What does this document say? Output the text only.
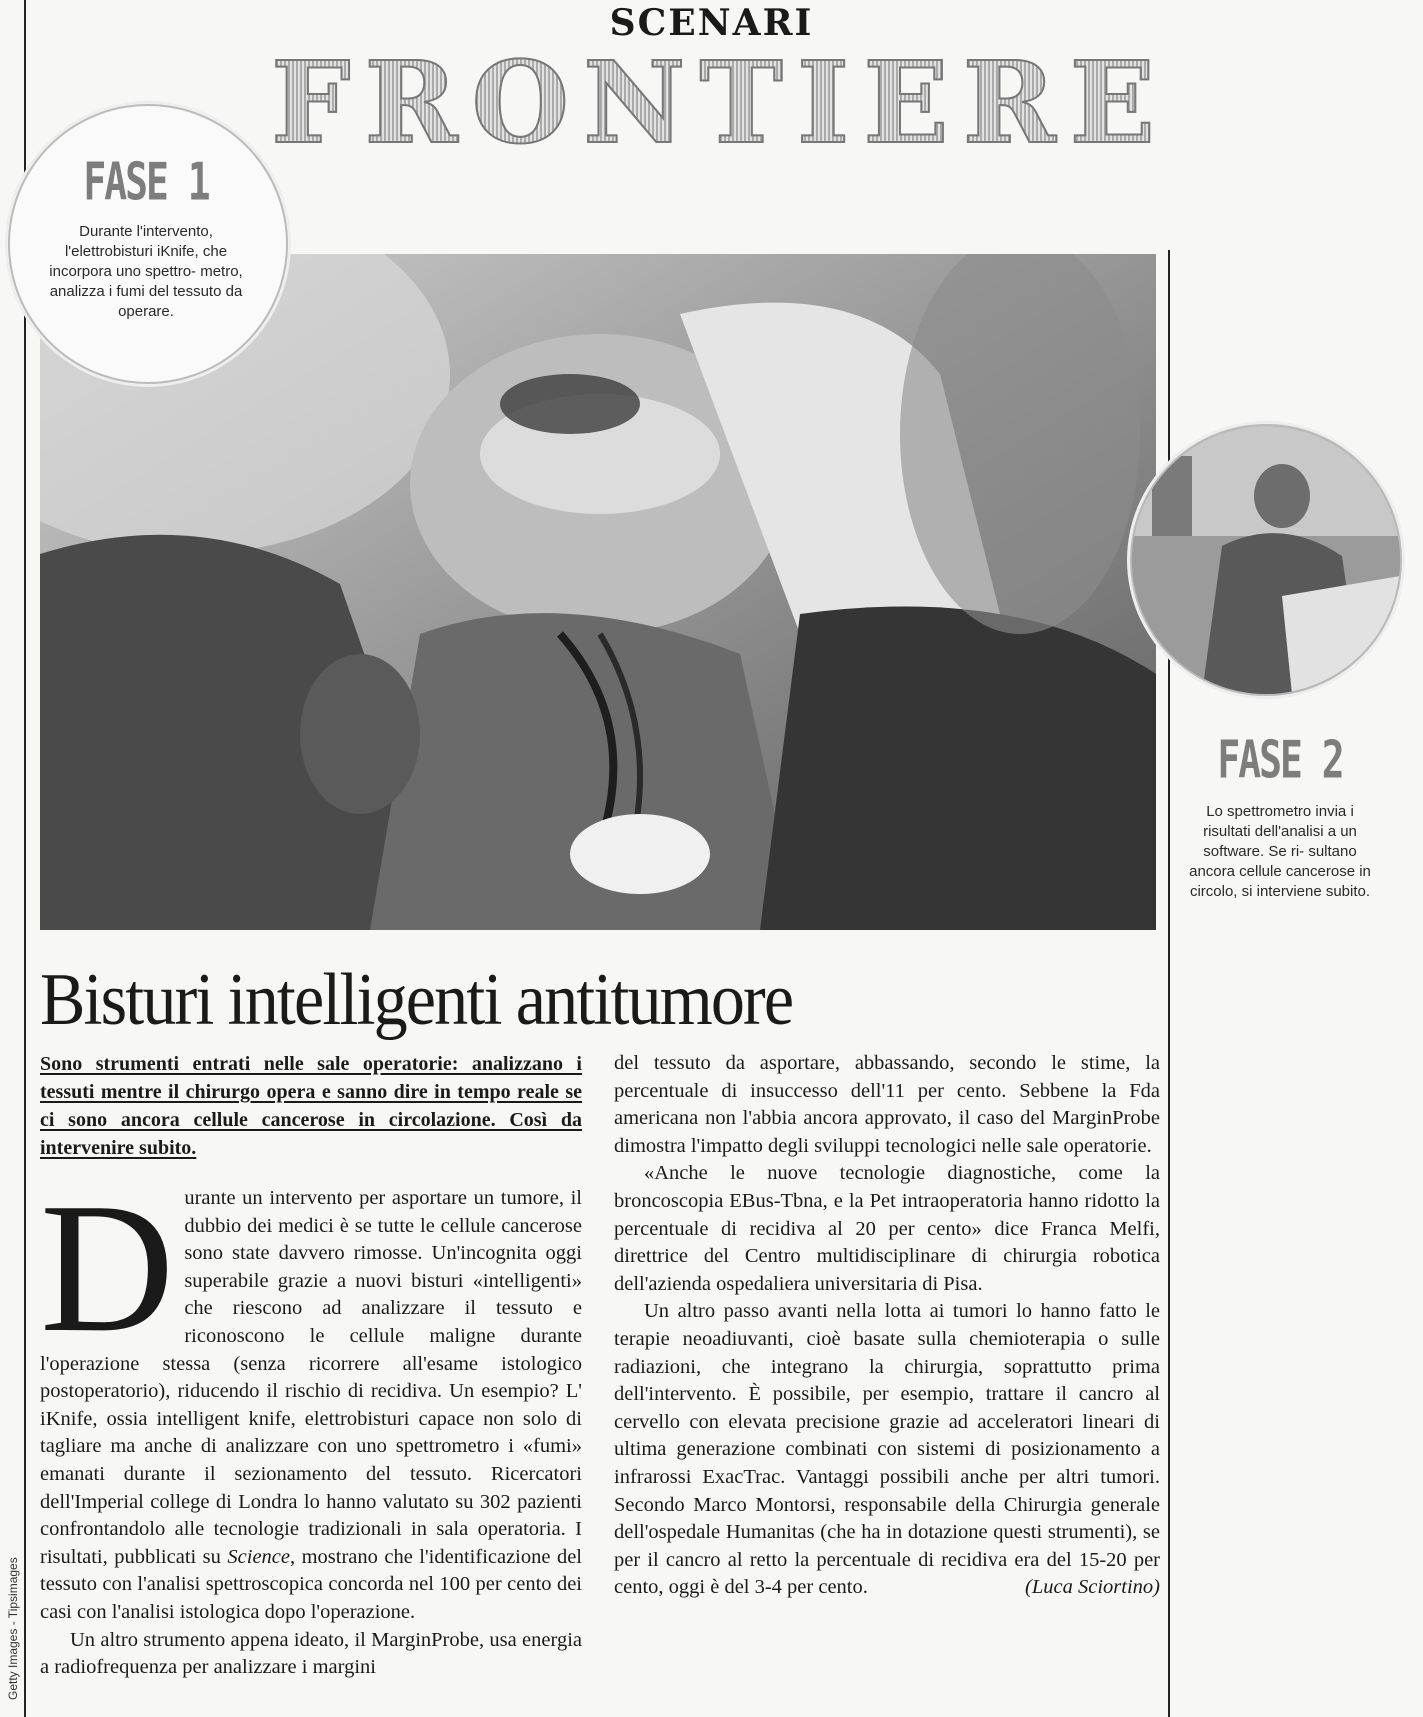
SCENARI
FRONTIERE
FASE 1
Durante l'intervento, l'elettrobisturi iKnife, che incorpora uno spettro- metro, analizza i fumi del tessuto da operare.
FASE 2
Lo spettrometro invia i risultati dell'analisi a un software. Se ri- sultano ancora cellule cancerose in circolo, si interviene subito.
Bisturi intelligenti antitumore
Sono strumenti entrati nelle sale operatorie: analizzano i tessuti mentre il chirurgo opera e sanno dire in tempo reale se ci sono ancora cellule cancerose in circolazione. Così da intervenire subito.

Durante un intervento per asportare un tumore, il dubbio dei medici è se tutte le cellule cancerose sono state davvero rimosse. Un'incognita oggi superabile grazie a nuovi bisturi «intelligenti» che riescono ad analizzare il tessuto e riconoscono le cellule maligne durante l'operazione stessa (senza ricorrere all'esame istologico postoperatorio), riducendo il rischio di recidiva. Un esempio? L' iKnife, ossia intelligent knife, elettrobisturi capace non solo di tagliare ma anche di analizzare con uno spettrometro i «fumi» emanati durante il sezionamento del tessuto. Ricercatori dell'Imperial college di Londra lo hanno valutato su 302 pazienti confrontandolo alle tecnologie tradizionali in sala operatoria. I risultati, pubblicati su Science, mostrano che l'identificazione del tessuto con l'analisi spettroscopica concorda nel 100 per cento dei casi con l'analisi istologica dopo l'operazione.

Un altro strumento appena ideato, il MarginProbe, usa energia a radiofrequenza per analizzare i margini

del tessuto da asportare, abbassando, secondo le stime, la percentuale di insuccesso dell'11 per cento. Sebbene la Fda americana non l'abbia ancora approvato, il caso del MarginProbe dimostra l'impatto degli sviluppi tecnologici nelle sale operatorie.

«Anche le nuove tecnologie diagnostiche, come la broncoscopia EBus-Tbna, e la Pet intraoperatoria hanno ridotto la percentuale di recidiva al 20 per cento» dice Franca Melfi, direttrice del Centro multidisciplinare di chirurgia robotica dell'azienda ospedaliera universitaria di Pisa.

Un altro passo avanti nella lotta ai tumori lo hanno fatto le terapie neoadiuvanti, cioè basate sulla chemioterapia o sulle radiazioni, che integrano la chirurgia, soprattutto prima dell'intervento. È possibile, per esempio, trattare il cancro al cervello con elevata precisione grazie ad acceleratori lineari di ultima generazione combinati con sistemi di posizionamento a infrarossi ExacTrac. Vantaggi possibili anche per altri tumori. Secondo Marco Montorsi, responsabile della Chirurgia generale dell'ospedale Humanitas (che ha in dotazione questi strumenti), se per il cancro al retto la percentuale di recidiva era del 15-20 per cento, oggi è del 3-4 per cento.	(Luca Sciortino)

Getty Images - Tipsimages
